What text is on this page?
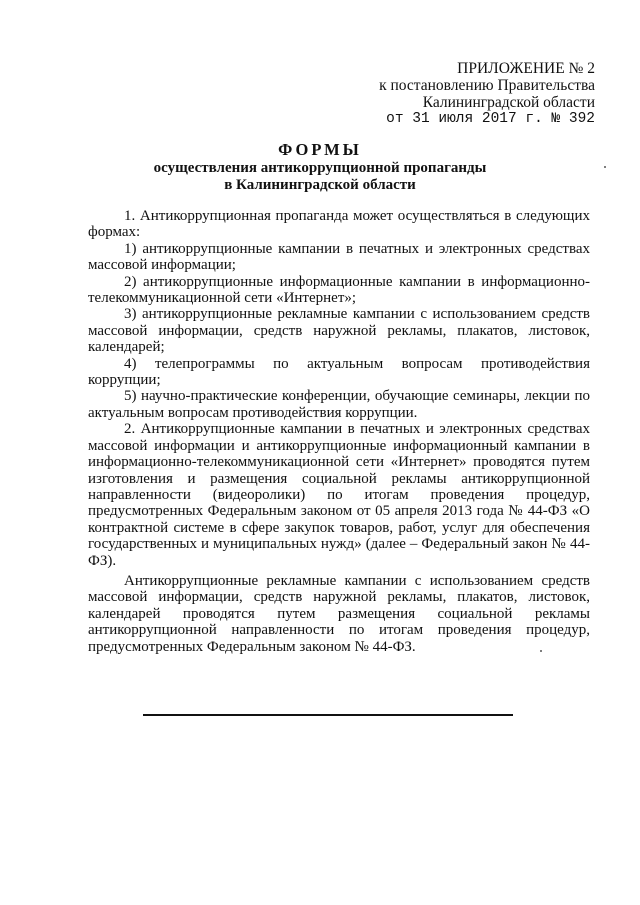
ПРИЛОЖЕНИЕ № 2
к постановлению Правительства
Калининградской области
от 31 июля 2017 г. № 392
ФОРМЫ
осуществления антикоррупционной пропаганды
в Калининградской области

1. Антикоррупционная пропаганда может осуществляться в следующих формах:

1) антикоррупционные кампании в печатных и электронных средствах массовой информации;

2) антикоррупционные информационные кампании в информационно-телекоммуникационной сети «Интернет»;

3) антикоррупционные рекламные кампании с использованием средств массовой информации, средств наружной рекламы, плакатов, листовок, календарей;

4) телепрограммы по актуальным вопросам противодействия коррупции;

5) научно-практические конференции, обучающие семинары, лекции по актуальным вопросам противодействия коррупции.

2. Антикоррупционные кампании в печатных и электронных средствах массовой информации и антикоррупционные информационный кампании в информационно-телекоммуникационной сети «Интернет» проводятся путем изготовления и размещения социальной рекламы антикоррупционной направленности (видеоролики) по итогам проведения процедур, предусмотренных Федеральным законом от 05 апреля 2013 года № 44-ФЗ «О контрактной системе в сфере закупок товаров, работ, услуг для обеспечения государственных и муниципальных нужд» (далее – Федеральный закон № 44-ФЗ).

Антикоррупционные рекламные кампании с использованием средств массовой информации, средств наружной рекламы, плакатов, листовок, календарей проводятся путем размещения социальной рекламы антикоррупционной направленности по итогам проведения процедур, предусмотренных Федеральным законом № 44-ФЗ.
